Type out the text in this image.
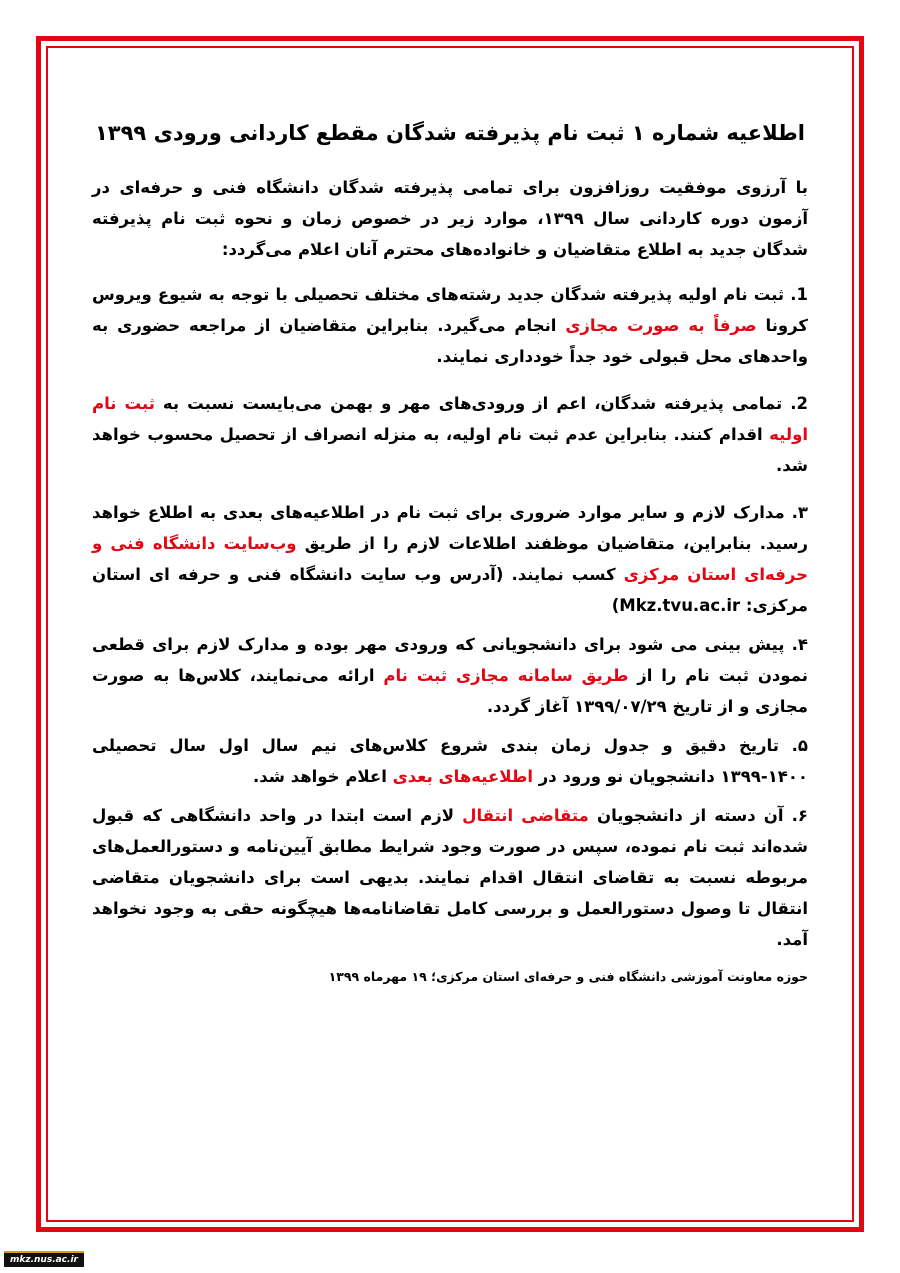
اطلاعیه شماره ۱ ثبت نام پذیرفته شدگان مقطع کاردانی ورودی ۱۳۹۹

با آرزوی موفقیت روزافزون برای تمامی پذیرفته شدگان دانشگاه فنی و حرفه‌ای در آزمون دوره کاردانی سال ۱۳۹۹، موارد زیر در خصوص زمان و نحوه ثبت نام پذیرفته شدگان جدید به اطلاع متقاضیان و خانواده‌های محترم آنان اعلام می‌گردد:

1. ثبت نام اولیه پذیرفته شدگان جدید رشته‌های مختلف تحصیلی با توجه به شیوع ویروس کرونا صرفاً به صورت مجازی انجام می‌گیرد. بنابراین متقاضیان از مراجعه حضوری به واحدهای محل قبولی خود جداً خودداری نمایند.

2. تمامی پذیرفته شدگان، اعم از ورودی‌های مهر و بهمن می‌بایست نسبت به ثبت نام اولیه اقدام کنند. بنابراین عدم ثبت نام اولیه، به منزله انصراف از تحصیل محسوب خواهد شد.

۳. مدارک لازم و سایر موارد ضروری برای ثبت نام در اطلاعیه‌های بعدی به اطلاع خواهد رسید. بنابراین، متقاضیان موظفند اطلاعات لازم را از طریق وب‌سایت دانشگاه فنی و حرفه‌ای استان مرکزی کسب نمایند. (آدرس وب سایت دانشگاه فنی و حرفه ای استان مرکزی: Mkz.tvu.ac.ir)

۴. پیش بینی می شود برای دانشجویانی که ورودی مهر بوده و مدارک لازم برای قطعی نمودن ثبت نام را از طریق سامانه مجازی ثبت نام ارائه می‌نمایند، کلاس‌ها به صورت مجازی و از تاریخ ۱۳۹۹/۰۷/۲۹ آغاز گردد.

۵. تاریخ دقیق و جدول زمان بندی شروع کلاس‌های نیم سال اول سال تحصیلی ۱۴۰۰-۱۳۹۹ دانشجویان نو ورود در اطلاعیه‌های بعدی اعلام خواهد شد.

۶. آن دسته از دانشجویان متقاضی انتقال لازم است ابتدا در واحد دانشگاهی که قبول شده‌اند ثبت نام نموده، سپس در صورت وجود شرایط مطابق آیین‌نامه و دستورالعمل‌های مربوطه نسبت به تقاضای انتقال اقدام نمایند. بدیهی است برای دانشجویان متقاضی انتقال تا وصول دستورالعمل و بررسی کامل تقاضانامه‌ها هیچگونه حقی به وجود نخواهد آمد.

حوزه معاونت آموزشی دانشگاه فنی و حرفه‌ای استان مرکزی؛ ۱۹ مهرماه ۱۳۹۹

mkz.nus.ac.ir
